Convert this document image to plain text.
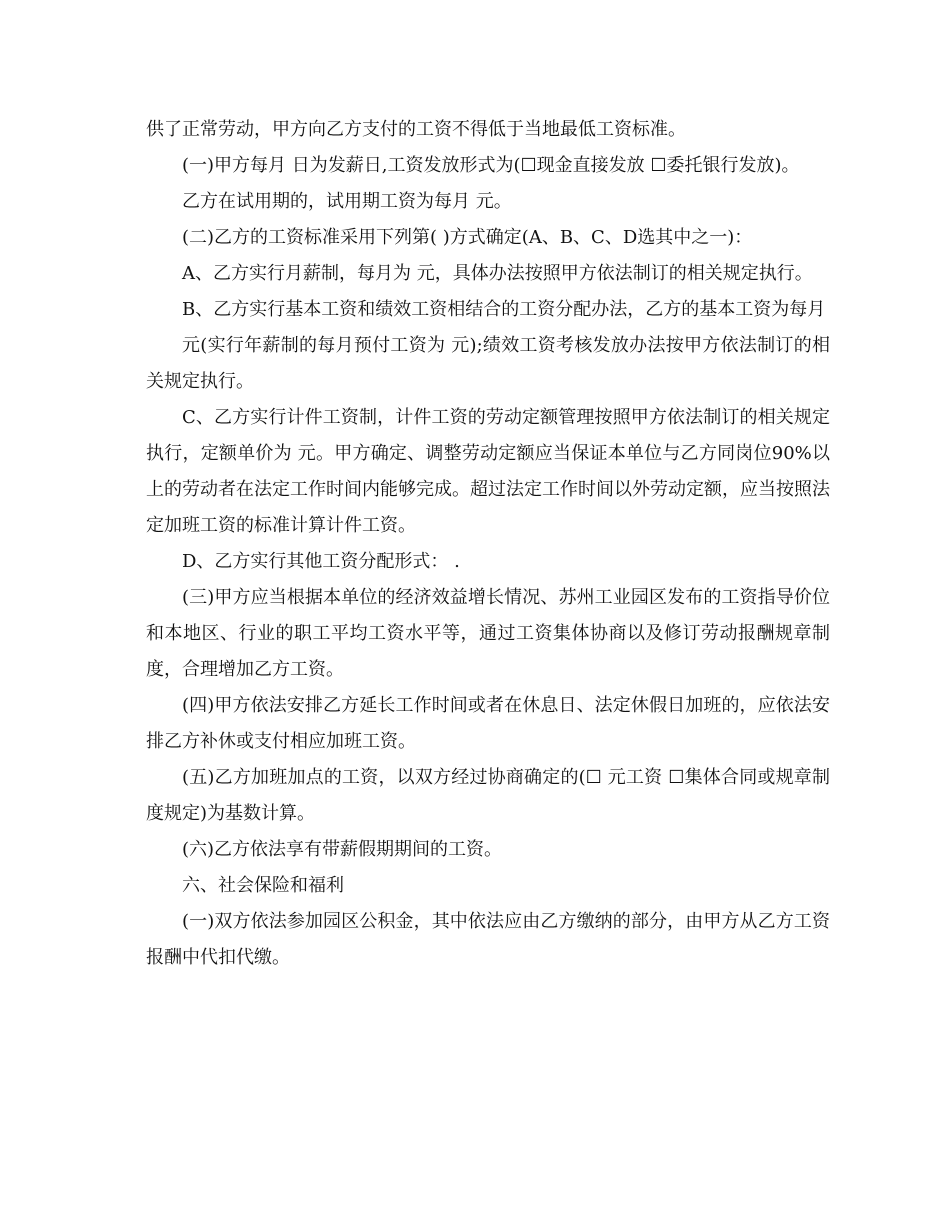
供了正常劳动，甲方向乙方支付的工资不得低于当地最低工资标准。

(一)甲方每月 日为发薪日,工资发放形式为(☐现金直接发放 ☐委托银行发放)。

乙方在试用期的，试用期工资为每月 元。

(二)乙方的工资标准采用下列第( )方式确定(A、B、C、D选其中之一)：

A、乙方实行月薪制，每月为 元，具体办法按照甲方依法制订的相关规定执行。

B、乙方实行基本工资和绩效工资相结合的工资分配办法，乙方的基本工资为每月

元(实行年薪制的每月预付工资为 元);绩效工资考核发放办法按甲方依法制订的相关规定执行。

C、乙方实行计件工资制，计件工资的劳动定额管理按照甲方依法制订的相关规定执行，定额单价为 元。甲方确定、调整劳动定额应当保证本单位与乙方同岗位90%以上的劳动者在法定工作时间内能够完成。超过法定工作时间以外劳动定额，应当按照法定加班工资的标准计算计件工资。

D、乙方实行其他工资分配形式： .

(三)甲方应当根据本单位的经济效益增长情况、苏州工业园区发布的工资指导价位和本地区、行业的职工平均工资水平等，通过工资集体协商以及修订劳动报酬规章制度，合理增加乙方工资。

(四)甲方依法安排乙方延长工作时间或者在休息日、法定休假日加班的，应依法安排乙方补休或支付相应加班工资。

(五)乙方加班加点的工资，以双方经过协商确定的(☐ 元工资 ☐集体合同或规章制度规定)为基数计算。

(六)乙方依法享有带薪假期期间的工资。

六、社会保险和福利

(一)双方依法参加园区公积金，其中依法应由乙方缴纳的部分，由甲方从乙方工资报酬中代扣代缴。
